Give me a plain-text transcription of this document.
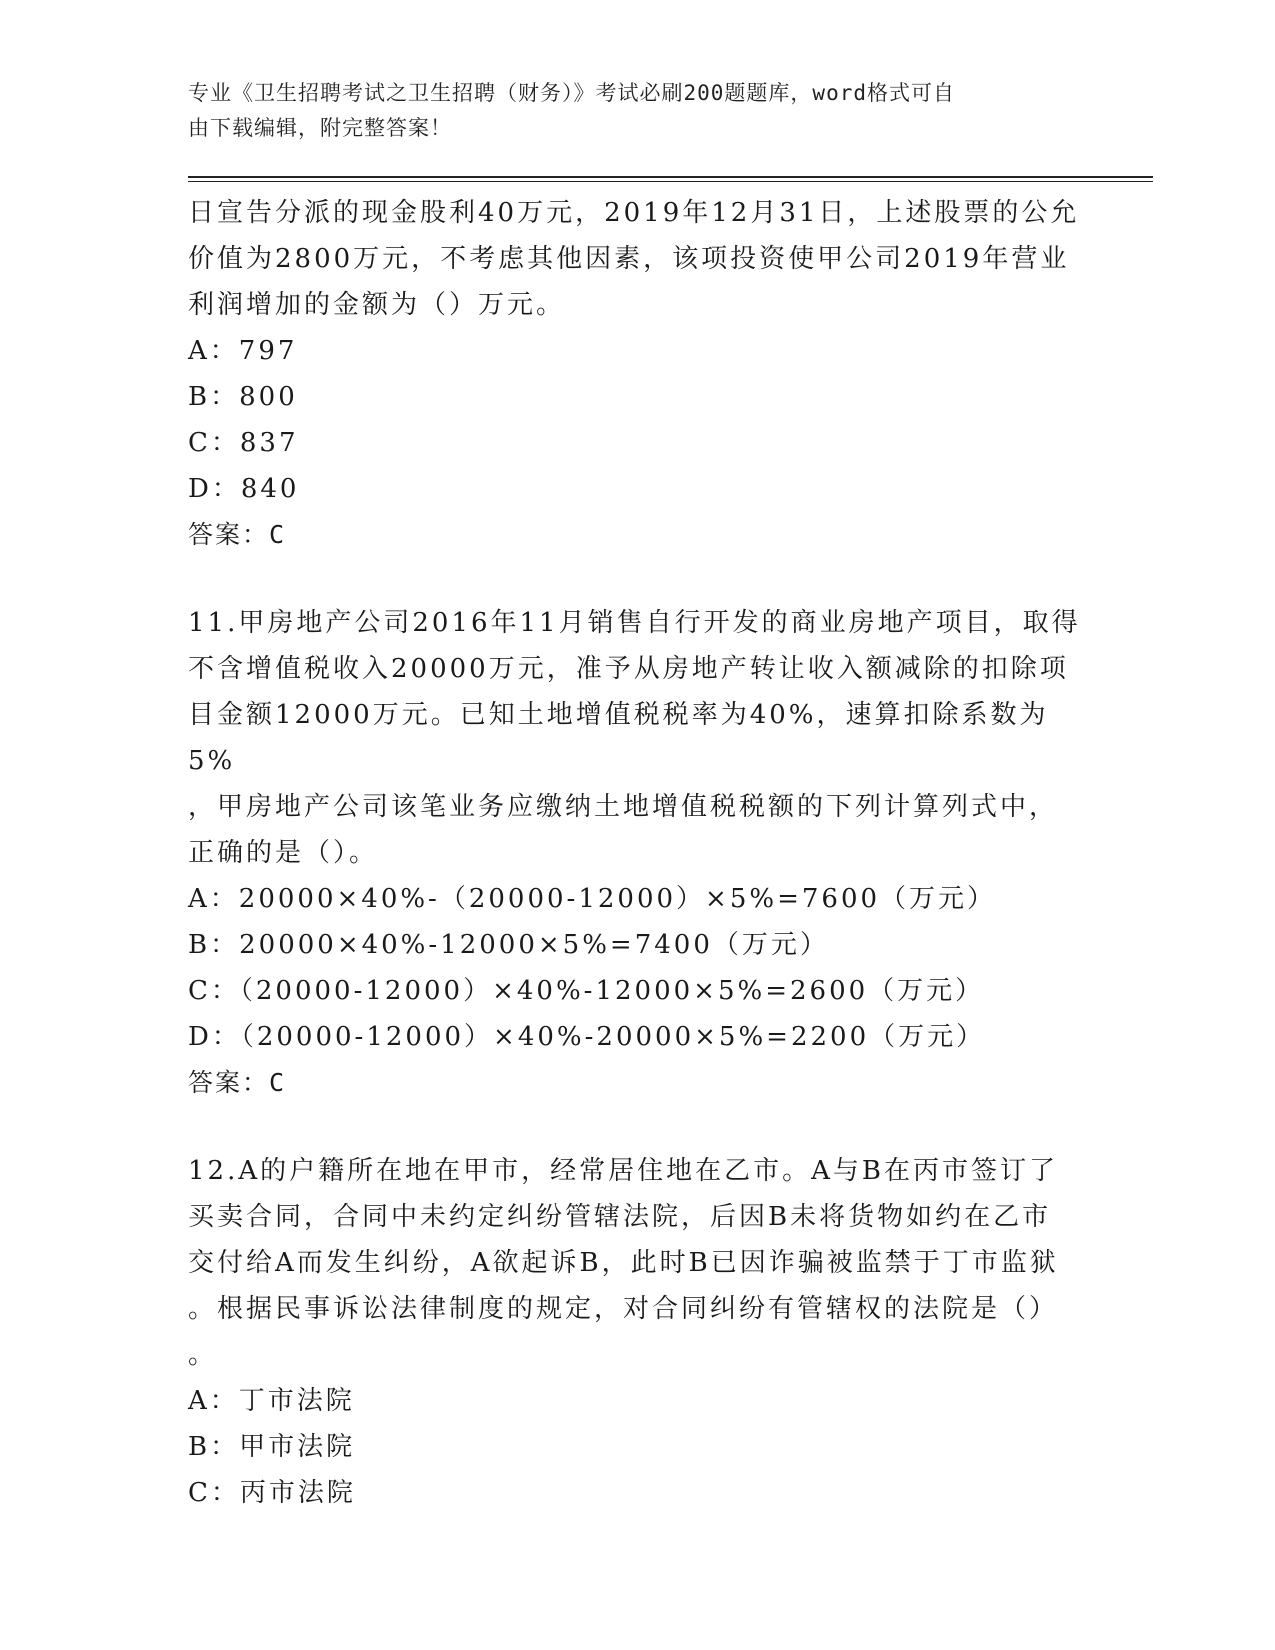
专业《卫生招聘考试之卫生招聘（财务）》考试必刷200题题库，word格式可自
由下载编辑，附完整答案！

日宣告分派的现金股利40万元，2019年12月31日，上述股票的公允

价值为2800万元，不考虑其他因素，该项投资使甲公司2019年营业

利润增加的金额为（）万元。

A：797

B：800

C：837

D：840

答案：C

11.甲房地产公司2016年11月销售自行开发的商业房地产项目，取得

不含增值税收入20000万元，准予从房地产转让收入额减除的扣除项

目金额12000万元。已知土地增值税税率为40%，速算扣除系数为5%

，甲房地产公司该笔业务应缴纳土地增值税税额的下列计算列式中，

正确的是（）。

A：20000×40%-（20000-12000）×5%=7600（万元）

B：20000×40%-12000×5%=7400（万元）

C：（20000-12000）×40%-12000×5%=2600（万元）

D：（20000-12000）×40%-20000×5%=2200（万元）

答案：C

12.A的户籍所在地在甲市，经常居住地在乙市。A与B在丙市签订了

买卖合同，合同中未约定纠纷管辖法院，后因B未将货物如约在乙市

交付给A而发生纠纷，A欲起诉B，此时B已因诈骗被监禁于丁市监狱

。根据民事诉讼法律制度的规定，对合同纠纷有管辖权的法院是（）

。

A：丁市法院

B：甲市法院

C：丙市法院
